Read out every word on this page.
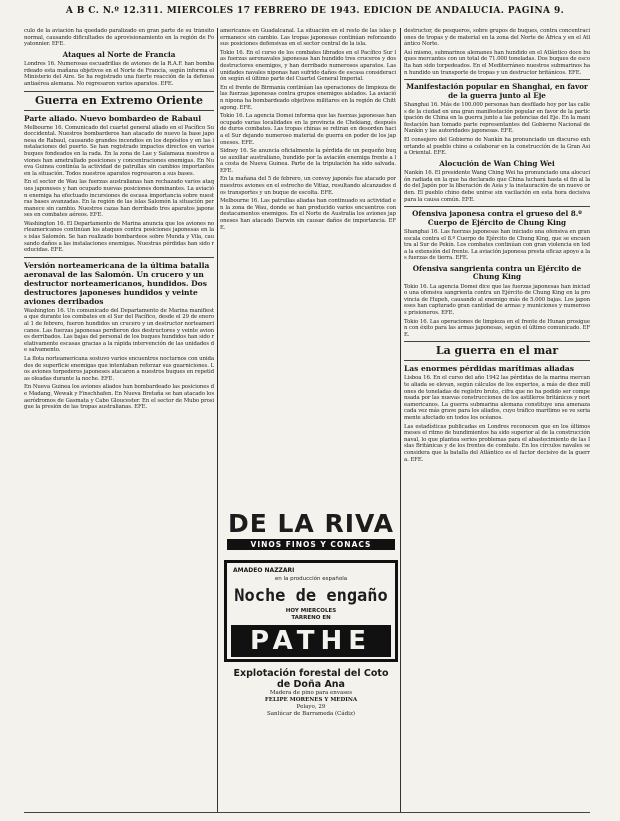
A B C. N.º 12.311. MIERCOLES 17 FEBRERO DE 1943. EDICION DE ANDALUCIA. PAGINA 9.

culo de la aviación ha quedado paralizado en gran parte de su tránsito normal, causando dificultades de aprovisionamiento en la región de Foyatonnier. EFE.

Ataques al Norte de Francia

Londres 16. Numerosas escuadrillas de aviones de la R.A.F. han bombardeado esta mañana objetivos en el Norte de Francia, según informa el Ministerio del Aire. Se ha registrado una fuerte reacción de la defensa antiaérea alemana. No regresaron varios aparatos. EFE.

Guerra en Extremo Oriente
Parte aliado. Nuevo bombardeo de Rabaul

Melbourne 16. Comunicado del cuartel general aliado en el Pacífico Sudoccidental. Nuestros bombarderos han atacado de nuevo la base japonesa de Rabaul, causando grandes incendios en los depósitos y en las instalaciones del puerto. Se han registrado impactos directos en varios buques fondeados en la rada. En la zona de Lae y Salamaua nuestros aviones han ametrallado posiciones y concentraciones enemigas. En Nueva Guinea continúa la actividad de patrullas sin cambios importantes en la situación. Todos nuestros aparatos regresaron a sus bases.

En el sector de Wau las fuerzas australianas han rechazado varios ataques japoneses y han ocupado nuevas posiciones dominantes. La aviación enemiga ha efectuado incursiones de escasa importancia sobre nuestras bases avanzadas. En la región de las islas Salomón la situación permanece sin cambio. Nuestros cazas han derribado tres aparatos japoneses en combates aéreos. EFE.

Washington 16. El Departamento de Marina anuncia que los aviones norteamericanos continúan los ataques contra posiciones japonesas en las islas Salomón. Se han realizado bombardeos sobre Munda y Vila, causando daños a las instalaciones enemigas. Nuestras pérdidas han sido reducidas. EFE.

Versión norteamericana de la última batalla aeronaval de las Salomón. Un crucero y un destructor norteamericanos, hundidos. Dos destructores japoneses hundidos y veinte aviones derribados

Washington 16. Un comunicado del Departamento de Marina manifiesta que durante los combates en el Sur del Pacífico, desde el 29 de enero al 1 de febrero, fueron hundidos un crucero y un destructor norteamericanos. Las fuerzas japonesas perdieron dos destructores y veinte aviones derribados. Las bajas del personal de los buques hundidos han sido relativamente escasas gracias a la rápida intervención de las unidades de salvamento.

La flota norteamericana sostuvo varios encuentros nocturnos con unidades de superficie enemigas que intentaban reforzar sus guarniciones. Los aviones torpederos japoneses atacaron a nuestros buques en repetidas oleadas durante la noche. EFE.

En Nueva Guinea los aviones aliados han bombardeado las posiciones de Madang, Wewak y Finschhafen. En Nueva Bretaña se han atacado los aeródromos de Gasmata y Cabo Gloucester. En el sector de Mubo prosigue la presión de las tropas australianas. EFE.

americanos en Guadalcanal. La situación en el resto de las islas permanece sin cambio. Las tropas japonesas continúan reforzando sus posiciones defensivas en el sector central de la isla.

Tokio 16. En el curso de los combates librados en el Pacífico Sur las fuerzas aeronavales japonesas han hundido tres cruceros y dos destructores enemigos, y han derribado numerosos aparatos. Las unidades navales niponas han sufrido daños de escasa consideración según el último parte del Cuartel General Imperial.

En el frente de Birmania continúan las operaciones de limpieza de las fuerzas japonesas contra grupos enemigos aislados. La aviación nipona ha bombardeado objetivos militares en la región de Chittagong. EFE.

Tokio 16. La agencia Domei informa que las fuerzas japonesas han ocupado varias localidades en la provincia de Chekiang, después de duros combates. Las tropas chinas se retiran en desorden hacia el Sur dejando numeroso material de guerra en poder de los japoneses. EFE.

Sidney 16. Se anuncia oficialmente la pérdida de un pequeño buque auxiliar australiano, hundido por la aviación enemiga frente a la costa de Nueva Guinea. Parte de la tripulación ha sido salvada. EFE.

En la mañana del 5 de febrero, un convoy japonés fue atacado por nuestros aviones en el estrecho de Vitiaz, resultando alcanzados dos transportes y un buque de escolta. EFE.

Melbourne 16. Las patrullas aliadas han continuado su actividad en la zona de Wau, donde se han producido varios encuentros con destacamentos enemigos. En el Norte de Australia los aviones japoneses han atacado Darwin sin causar daños de importancia. EFE.

DE LA RIVA
VINOS FINOS Y CONACS
AMADEO NAZZARI
en la producción española
Noche de engaño
HOY MIERCOLES
TARRENO EN
PATHE
Explotación forestal del Coto
de Doña Ana
Madera de pino para envases
FELIPE MORENES Y MEDINA
Pelayo, 29
Sanlúcar de Barrameda (Cádiz)

destructor, de pesqueros, sobre grupos de buques, contra concentraciones de tropas y de material en la zona del Norte de África y en el Atlántico Norte.

Así mismo, submarinos alemanes han hundido en el Atlántico doce buques mercantes con un total de 71.000 toneladas. Dos buques de escolta han sido torpedeados. En el Mediterráneo nuestros submarinos han hundido un transporte de tropas y un destructor británicos. EFE.

Manifestación popular en Shanghai, en favor de la guerra junto al Eje

Shanghai 16. Más de 100.000 personas han desfilado hoy por las calles de la ciudad en una gran manifestación popular en favor de la participación de China en la guerra junto a las potencias del Eje. En la manifestación han tomado parte representantes del Gobierno Nacional de Nankín y las autoridades japonesas. EFE.

El consejero del Gobierno de Nankín ha pronunciado un discurso exhortando al pueblo chino a colaborar en la construcción de la Gran Asia Oriental. EFE.

Alocución de Wan Ching Wei

Nankín 16. El presidente Wang Ching Wei ha pronunciado una alocución radiada en la que ha declarado que China luchará hasta el fin al lado del Japón por la liberación de Asia y la instauración de un nuevo orden. El pueblo chino debe unirse sin vacilación en esta hora decisiva para la causa común. EFE.

Ofensiva japonesa contra el grueso del 8.º Cuerpo de Ejército de Chung King

Shanghai 16. Las fuerzas japonesas han iniciado una ofensiva en gran escala contra el 8.º Cuerpo de Ejército de Chung King, que se encuentra al Sur de Pekín. Los combates continúan con gran violencia en toda la extensión del frente. La aviación japonesa presta eficaz apoyo a las fuerzas de tierra. EFE.

Ofensiva sangrienta contra un Ejército de Chung King

Tokio 16. La agencia Domei dice que las fuerzas japonesas han iniciado una ofensiva sangrienta contra un Ejército de Chung King en la provincia de Hupeh, causando al enemigo más de 5.000 bajas. Los japoneses han capturado gran cantidad de armas y municiones y numerosos prisioneros. EFE.

Tokio 16. Las operaciones de limpieza en el frente de Hunan prosiguen con éxito para las armas japonesas, según el último comunicado. EFE.

La guerra en el mar
Las enormes pérdidas marítimas aliadas

Lisboa 16. En el curso del año 1942 las pérdidas de la marina mercante aliada se elevan, según cálculos de los expertos, a más de diez millones de toneladas de registro bruto, cifra que no ha podido ser compensada por las nuevas construcciones de los astilleros británicos y norteamericanos. La guerra submarina alemana constituye una amenaza cada vez más grave para los aliados, cuyo tráfico marítimo se ve seriamente afectado en todos los océanos.

Las estadísticas publicadas en Londres reconocen que en los últimos meses el ritmo de hundimientos ha sido superior al de la construcción naval, lo que plantea serios problemas para el abastecimiento de las Islas Británicas y de los frentes de combate. En los círculos navales se considera que la batalla del Atlántico es el factor decisivo de la guerra. EFE.
